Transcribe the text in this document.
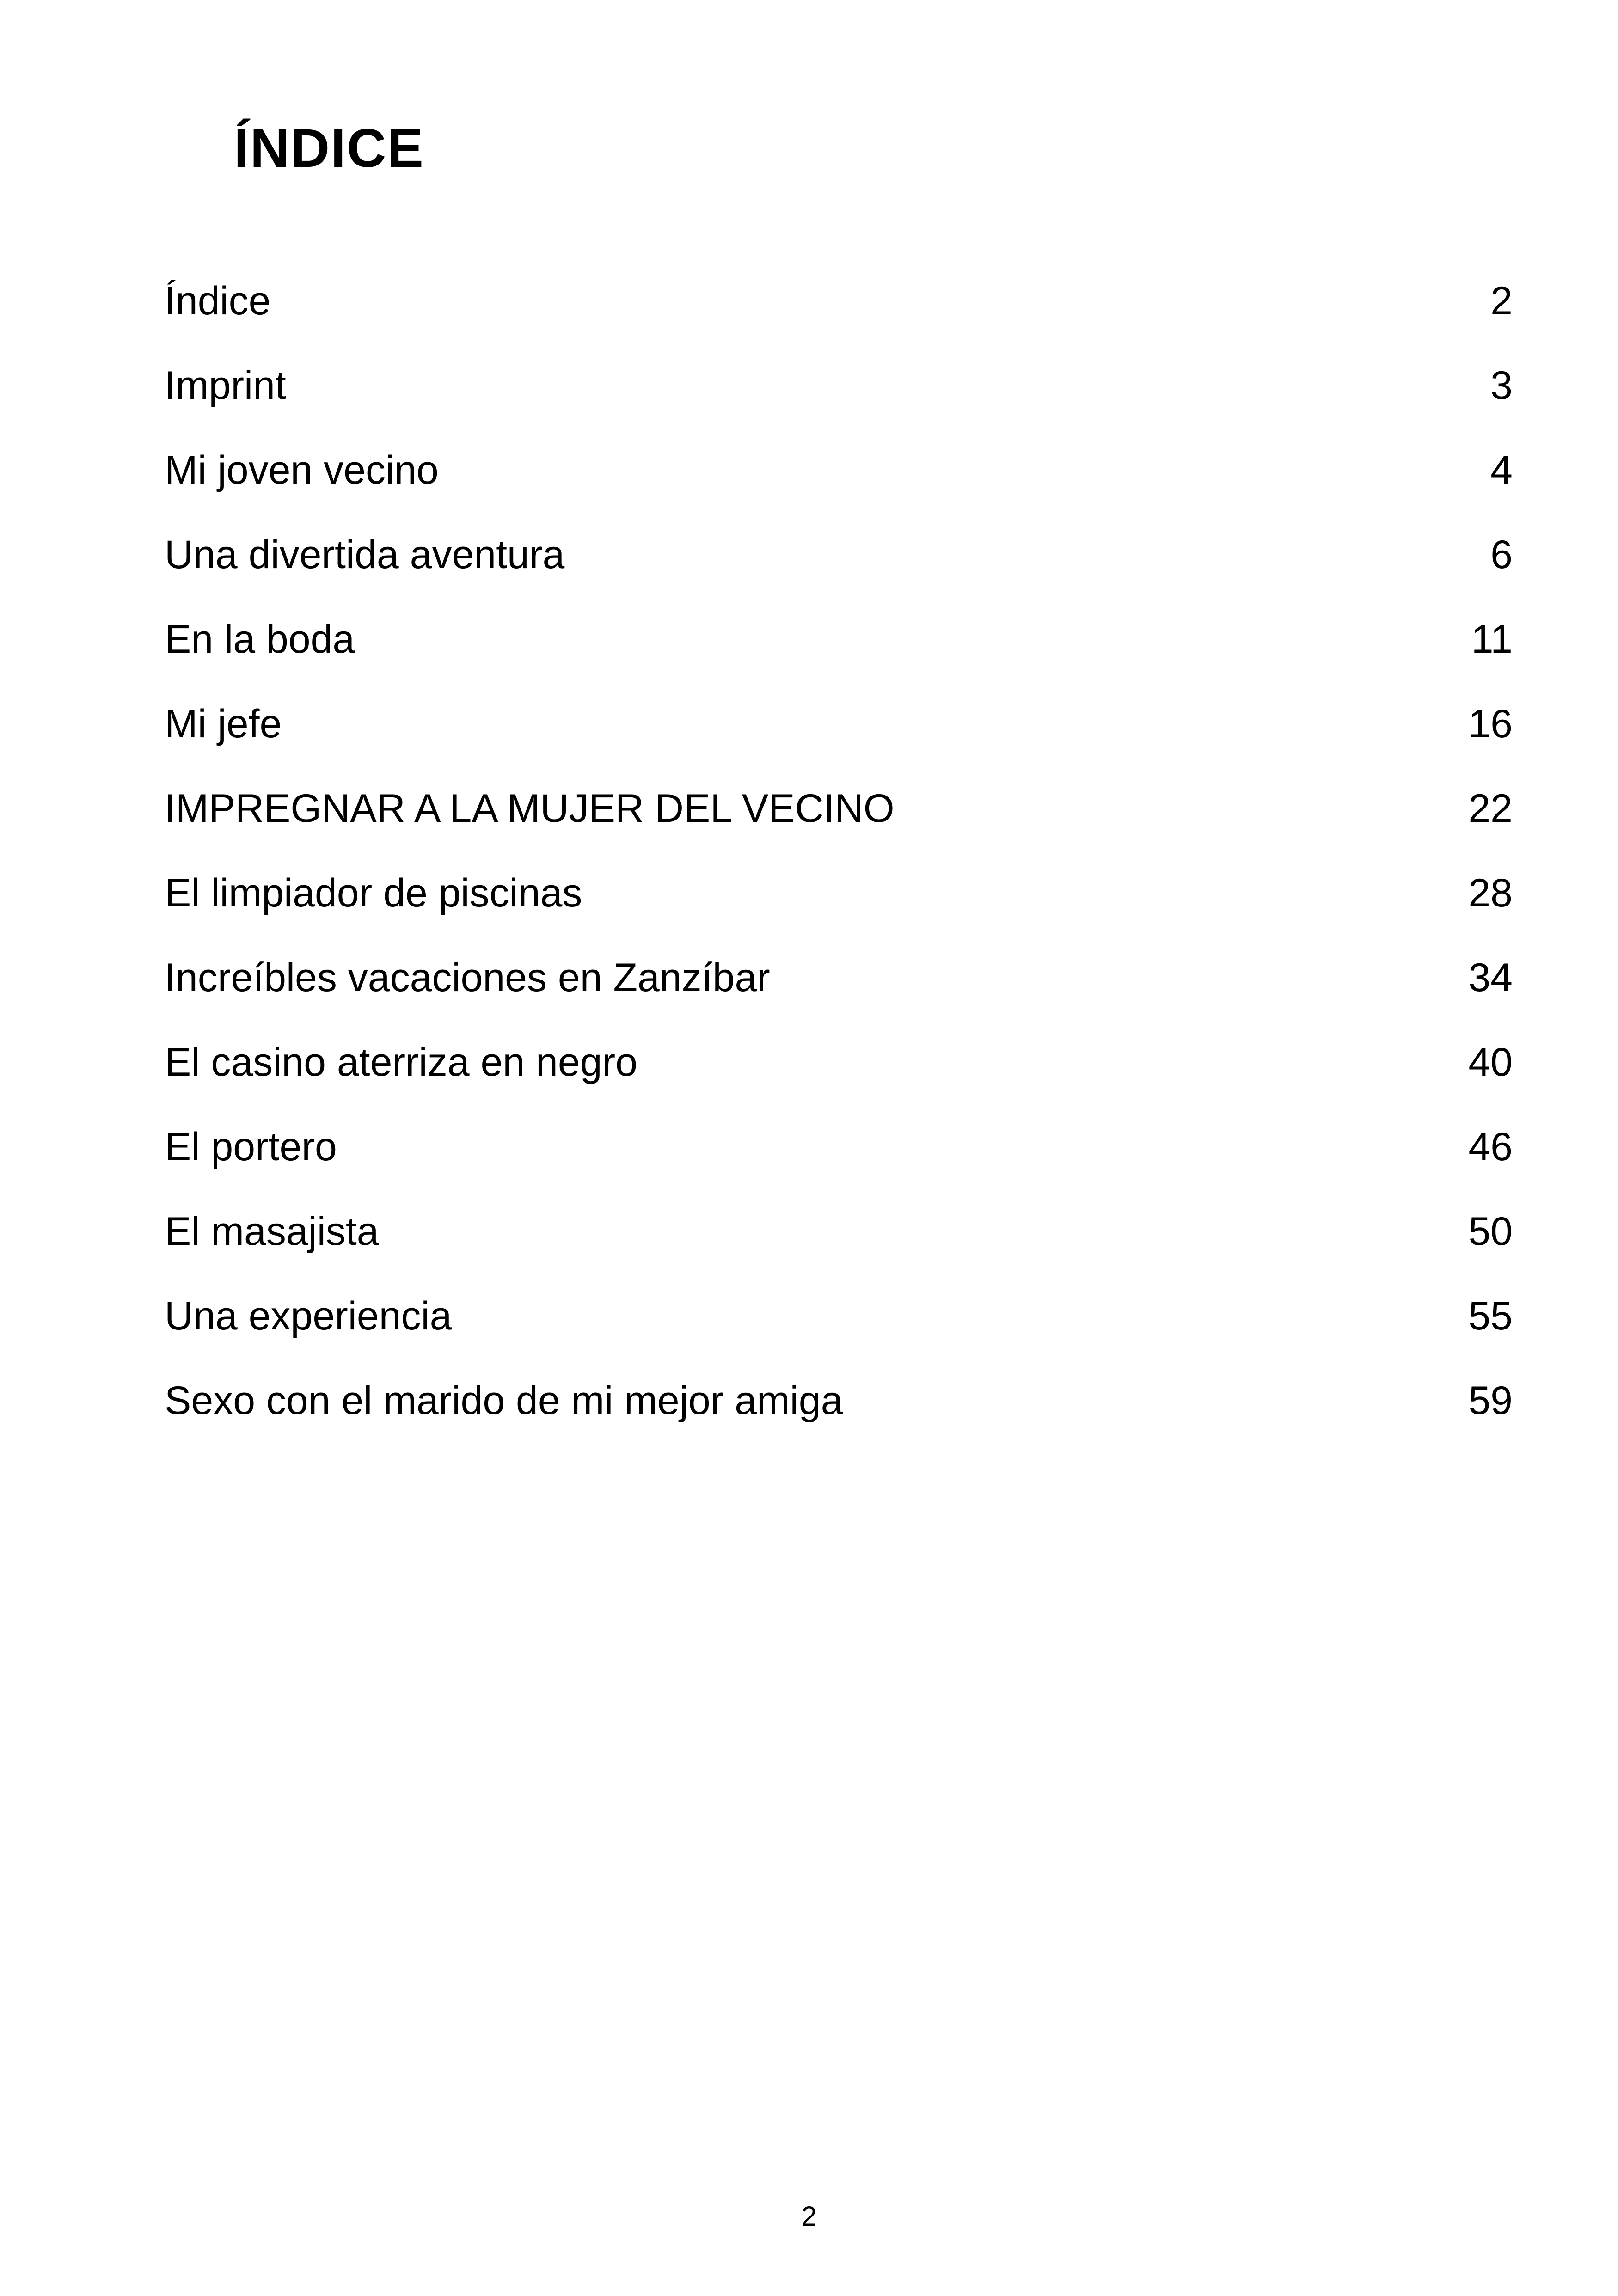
ÍNDICE
Índice	2
Imprint	3
Mi joven vecino	4
Una divertida aventura	6
En la boda	11
Mi jefe	16
IMPREGNAR A LA MUJER DEL VECINO	22
El limpiador de piscinas	28
Increíbles vacaciones en Zanzíbar	34
El casino aterriza en negro	40
El portero	46
El masajista	50
Una experiencia	55
Sexo con el marido de mi mejor amiga	59
2
